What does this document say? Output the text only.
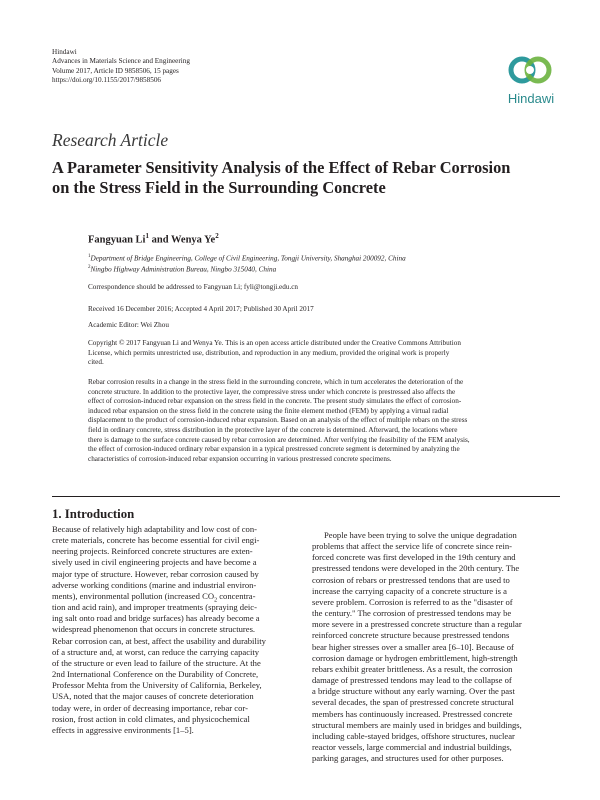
Hindawi
Advances in Materials Science and Engineering
Volume 2017, Article ID 9858506, 15 pages
https://doi.org/10.1155/2017/9858506
Hindawi
Research Article
A Parameter Sensitivity Analysis of the Effect of Rebar Corrosion
on the Stress Field in the Surrounding Concrete
Fangyuan Li$^1$ and Wenya Ye$^2$
$^1$Department of Bridge Engineering, College of Civil Engineering, Tongji University, Shanghai 200092, China
$^2$Ningbo Highway Administration Bureau, Ningbo 315040, China
Correspondence should be addressed to Fangyuan Li; fyli@tongji.edu.cn
Received 16 December 2016; Accepted 4 April 2017; Published 30 April 2017
Academic Editor: Wei Zhou
Copyright © 2017 Fangyuan Li and Wenya Ye. This is an open access article distributed under the Creative Commons Attribution
License, which permits unrestricted use, distribution, and reproduction in any medium, provided the original work is properly
cited.
Rebar corrosion results in a change in the stress field in the surrounding concrete, which in turn accelerates the deterioration of the
concrete structure. In addition to the protective layer, the compressive stress under which concrete is prestressed also affects the
effect of corrosion-induced rebar expansion on the stress field in the concrete. The present study simulates the effect of corrosion-
induced rebar expansion on the stress field in the concrete using the finite element method (FEM) by applying a virtual radial
displacement to the product of corrosion-induced rebar expansion. Based on an analysis of the effect of multiple rebars on the stress
field in ordinary concrete, stress distribution in the protective layer of the concrete is determined. Afterward, the locations where
there is damage to the surface concrete caused by rebar corrosion are determined. After verifying the feasibility of the FEM analysis,
the effect of corrosion-induced ordinary rebar expansion in a typical prestressed concrete segment is determined by analyzing the
characteristics of corrosion-induced rebar expansion occurring in various prestressed concrete specimens.
1. Introduction
Because of relatively high adaptability and low cost of con-
crete materials, concrete has become essential for civil engi-
neering projects. Reinforced concrete structures are exten-
sively used in civil engineering projects and have become a
major type of structure. However, rebar corrosion caused by
adverse working conditions (marine and industrial environ-
ments), environmental pollution (increased $CO_2$ concentra-
tion and acid rain), and improper treatments (spraying deic-
ing salt onto road and bridge surfaces) has already become a
widespread phenomenon that occurs in concrete structures.
Rebar corrosion can, at best, affect the usability and durability
of a structure and, at worst, can reduce the carrying capacity
of the structure or even lead to failure of the structure. At the
2nd International Conference on the Durability of Concrete,
Professor Mehta from the University of California, Berkeley,
USA, noted that the major causes of concrete deterioration
today were, in order of decreasing importance, rebar cor-
rosion, frost action in cold climates, and physicochemical
effects in aggressive environments [1–5].
People have been trying to solve the unique degradation
problems that affect the service life of concrete since rein-
forced concrete was first developed in the 19th century and
prestressed tendons were developed in the 20th century. The
corrosion of rebars or prestressed tendons that are used to
increase the carrying capacity of a concrete structure is a
severe problem. Corrosion is referred to as the "disaster of
the century." The corrosion of prestressed tendons may be
more severe in a prestressed concrete structure than a regular
reinforced concrete structure because prestressed tendons
bear higher stresses over a smaller area [6–10]. Because of
corrosion damage or hydrogen embrittlement, high-strength
rebars exhibit greater brittleness. As a result, the corrosion
damage of prestressed tendons may lead to the collapse of
a bridge structure without any early warning. Over the past
several decades, the span of prestressed concrete structural
members has continuously increased. Prestressed concrete
structural members are mainly used in bridges and buildings,
including cable-stayed bridges, offshore structures, nuclear
reactor vessels, large commercial and industrial buildings,
parking garages, and structures used for other purposes.
